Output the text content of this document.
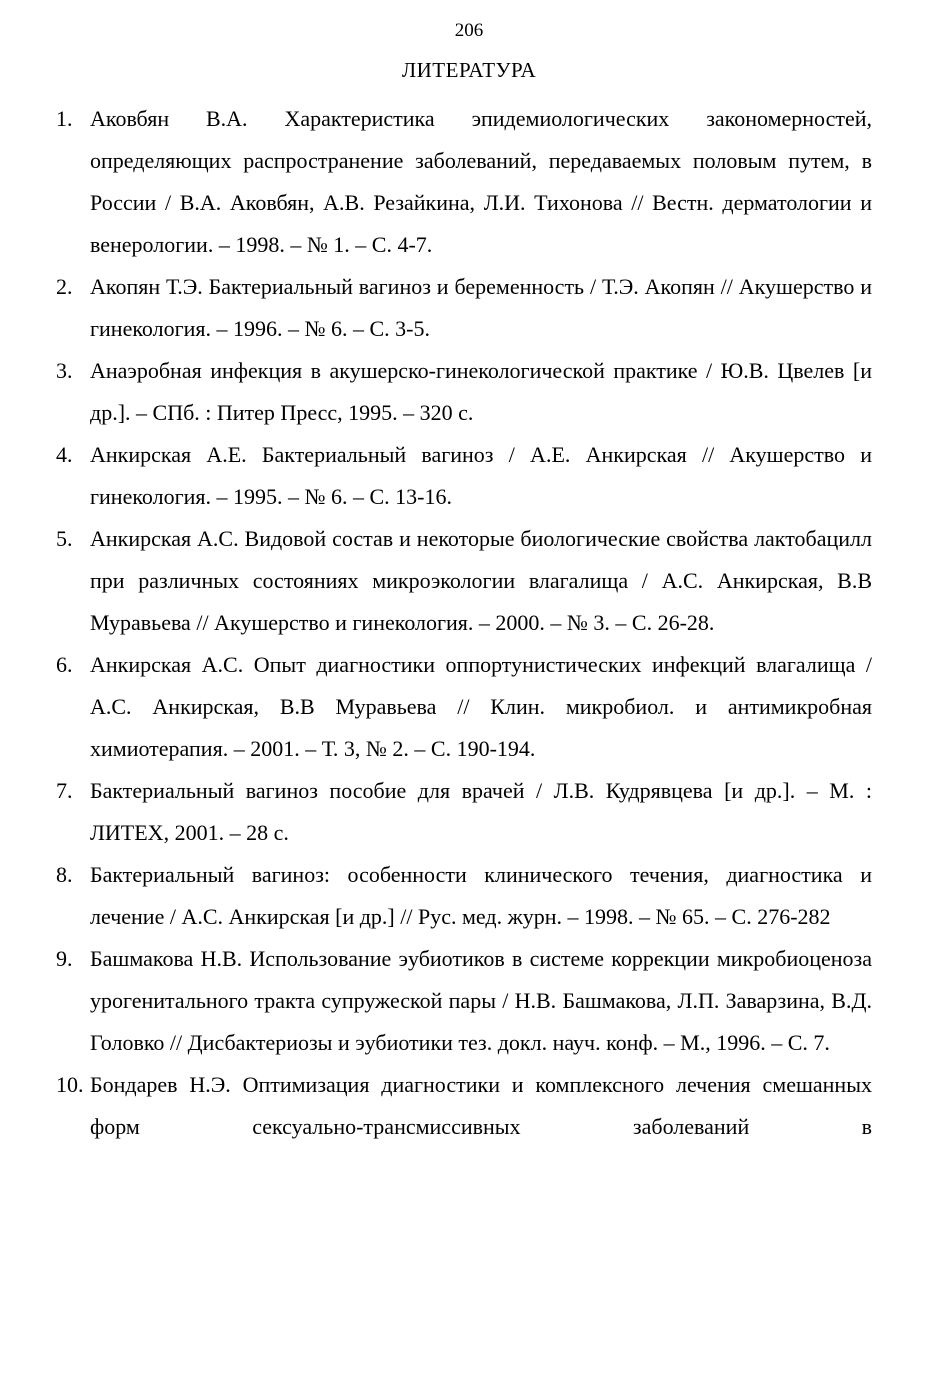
206
ЛИТЕРАТУРА
1. Аковбян В.А. Характеристика эпидемиологических закономерностей, определяющих распространение заболеваний, передаваемых половым путем, в России / В.А. Аковбян, А.В. Резайкина, Л.И. Тихонова // Вестн. дерматологии и венерологии. – 1998. – № 1. – С. 4-7.
2. Акопян Т.Э. Бактериальный вагиноз и беременность / Т.Э. Акопян // Акушерство и гинекология. – 1996. – № 6. – С. 3-5.
3. Анаэробная инфекция в акушерско-гинекологической практике / Ю.В. Цвелев [и др.]. – СПб. : Питер Пресс, 1995. – 320 с.
4. Анкирская А.Е. Бактериальный вагиноз / А.Е. Анкирская // Акушерство и гинекология. – 1995. – № 6. – С. 13-16.
5. Анкирская А.С. Видовой состав и некоторые биологические свойства лактобацилл при различных состояниях микроэкологии влагалища / А.С. Анкирская, В.В Муравьева // Акушерство и гинекология. – 2000. – № 3. – С. 26-28.
6. Анкирская А.С. Опыт диагностики оппортунистических инфекций влагалища / А.С. Анкирская, В.В Муравьева // Клин. микробиол. и антимикробная химиотерапия. – 2001. – Т. 3, № 2. – С. 190-194.
7. Бактериальный вагиноз пособие для врачей / Л.В. Кудрявцева [и др.]. – М. : ЛИТЕХ, 2001. – 28 с.
8. Бактериальный вагиноз: особенности клинического течения, диагностика и лечение / А.С. Анкирская [и др.] // Рус. мед. журн. – 1998. – № 65. – С. 276-282
9. Башмакова Н.В. Использование эубиотиков в системе коррекции микробиоценоза урогенитального тракта супружеской пары / Н.В. Башмакова, Л.П. Заварзина, В.Д. Головко // Дисбактериозы и эубиотики тез. докл. науч. конф. – М., 1996. – С. 7.
10. Бондарев Н.Э. Оптимизация диагностики и комплексного лечения смешанных форм сексуально-трансмиссивных заболеваний в
